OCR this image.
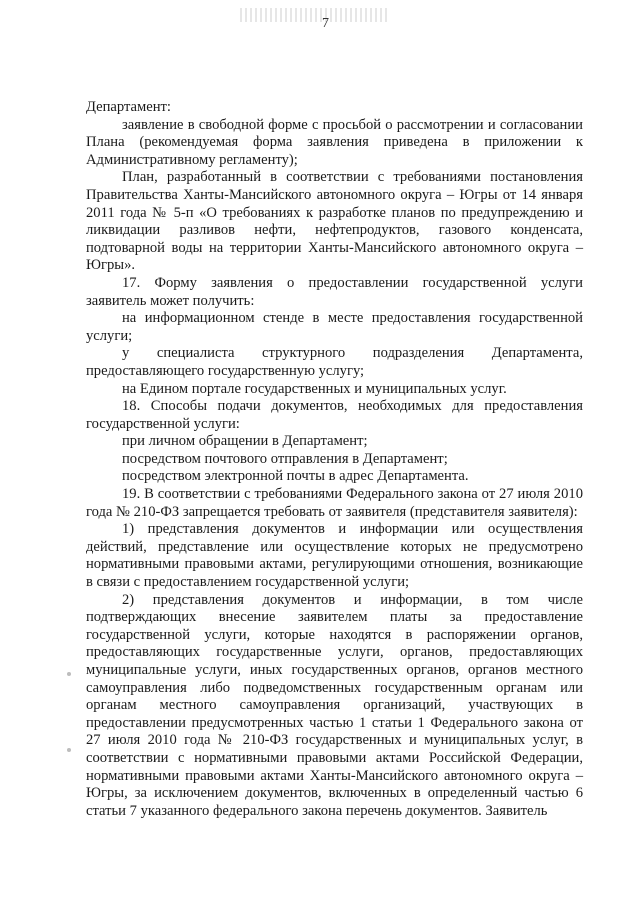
7

Департамент:

заявление в свободной форме с просьбой о рассмотрении и согласовании Плана (рекомендуемая форма заявления приведена в приложении к Административному регламенту);

План, разработанный в соответствии с требованиями постановления Правительства Ханты-Мансийского автономного округа – Югры от 14 января 2011 года № 5-п «О требованиях к разработке планов по предупреждению и ликвидации разливов нефти, нефтепродуктов, газового конденсата, подтоварной воды на территории Ханты-Мансийского автономного округа – Югры».

17. Форму заявления о предоставлении государственной услуги заявитель может получить:

на информационном стенде в месте предоставления государственной услуги;

у специалиста структурного подразделения Департамента, предоставляющего государственную услугу;

на Едином портале государственных и муниципальных услуг.

18. Способы подачи документов, необходимых для предоставления государственной услуги:

при личном обращении в Департамент;

посредством почтового отправления в Департамент;

посредством электронной почты в адрес Департамента.

19. В соответствии с требованиями Федерального закона от 27 июля 2010 года № 210-ФЗ запрещается требовать от заявителя (представителя заявителя):

1) представления документов и информации или осуществления действий, представление или осуществление которых не предусмотрено нормативными правовыми актами, регулирующими отношения, возникающие в связи с предоставлением государственной услуги;

2) представления документов и информации, в том числе подтверждающих внесение заявителем платы за предоставление государственной услуги, которые находятся в распоряжении органов, предоставляющих государственные услуги, органов, предоставляющих муниципальные услуги, иных государственных органов, органов местного самоуправления либо подведомственных государственным органам или органам местного самоуправления организаций, участвующих в предоставлении предусмотренных частью 1 статьи 1 Федерального закона от 27 июля 2010 года № 210-ФЗ государственных и муниципальных услуг, в соответствии с нормативными правовыми актами Российской Федерации, нормативными правовыми актами Ханты-Мансийского автономного округа – Югры, за исключением документов, включенных в определенный частью 6 статьи 7 указанного федерального закона перечень документов. Заявитель
